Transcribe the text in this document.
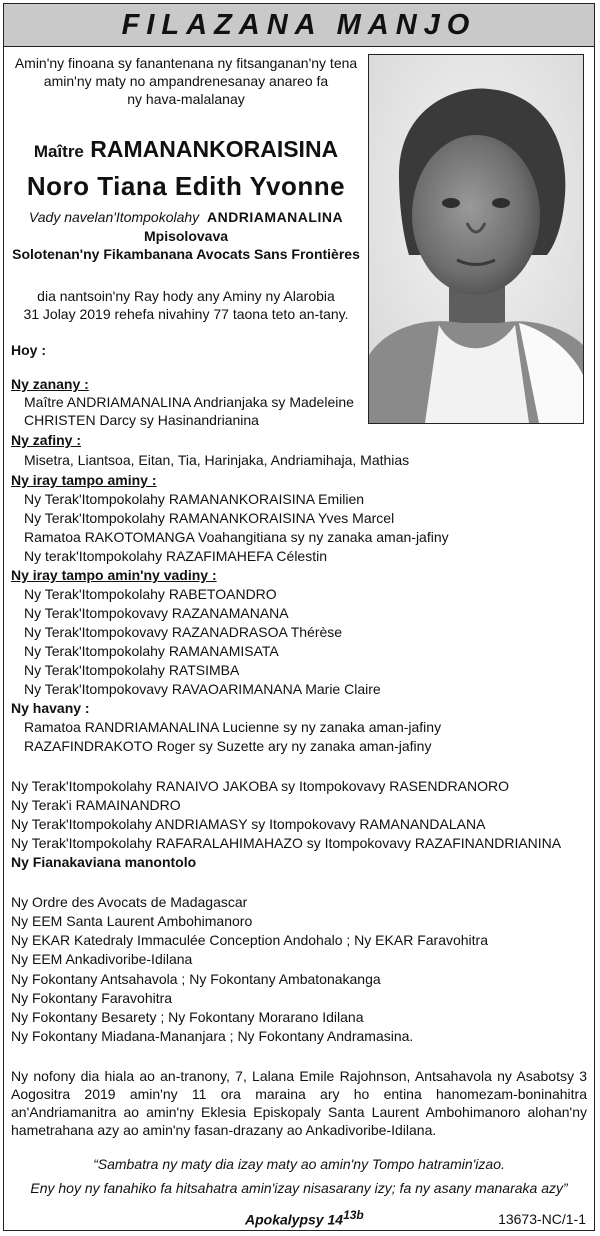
FILAZANA MANJO
Amin'ny finoana sy fanantenana ny fitsanganan'ny tena
amin'ny maty no ampandrenesanay anareo fa
ny hava-malalanay
Maître RAMANANKORAISINA
Noro Tiana Edith Yvonne
Vady navelan'Itompokolahy ANDRIAMANALINA
Mpisolovava
Solotenan'ny Fikambanana Avocats Sans Frontières
dia nantsoin'ny Ray hody any Aminy ny Alarobia
31 Jolay 2019 rehefa nivahiny 77 taona teto an-tany.
Hoy :
Ny zanany :
Maître ANDRIAMANALINA Andrianjaka sy Madeleine
CHRISTEN Darcy sy Hasinandrianina
Ny zafiny :
Misetra, Liantsoa, Eitan, Tia, Harinjaka, Andriamihaja, Mathias
Ny iray tampo aminy :
Ny Terak'Itompokolahy RAMANANKORAISINA Emilien
Ny Terak'Itompokolahy RAMANANKORAISINA Yves Marcel
Ramatoa RAKOTOMANGA Voahangitiana sy ny zanaka aman-jafiny
Ny terak'Itompokolahy RAZAFIMAHEFA Célestin
Ny iray tampo amin'ny vadiny :
Ny Terak'Itompokolahy RABETOANDRO
Ny Terak'Itompokovavy RAZANAMANANA
Ny Terak'Itompokovavy RAZANADRASOA Thérèse
Ny Terak'Itompokolahy RAMANAMISATA
Ny Terak'Itompokolahy RATSIMBA
Ny Terak'Itompokovavy RAVAOARIMANANA Marie Claire
Ny havany :
Ramatoa RANDRIAMANALINA Lucienne sy ny zanaka aman-jafiny
RAZAFINDRAKOTO Roger sy Suzette ary ny zanaka aman-jafiny
Ny Terak'Itompokolahy RANAIVO JAKOBA sy Itompokovavy RASENDRANORO
Ny Terak'i RAMAINANDRO
Ny Terak'Itompokolahy ANDRIAMASY sy Itompokovavy RAMANANDALANA
Ny Terak'Itompokolahy RAFARALAHIMAHAZO sy Itompokovavy RAZAFINANDRIANINA
Ny Fianakaviana manontolo
Ny Ordre des Avocats de Madagascar
Ny EEM Santa Laurent Ambohimanoro
Ny EKAR Katedraly Immaculée Conception Andohalo ; Ny EKAR Faravohitra
Ny EEM Ankadivoribe-Idilana
Ny Fokontany Antsahavola ; Ny Fokontany Ambatonakanga
Ny Fokontany Faravohitra
Ny Fokontany Besarety ; Ny Fokontany Morarano Idilana
Ny Fokontany Miadana-Mananjara ; Ny Fokontany Andramasina.
Ny nofony dia hiala ao an-tranony, 7, Lalana Emile Rajohnson, Antsahavola ny Asabotsy 3 Aogositra 2019 amin'ny 11 ora maraina ary ho entina hanomezam-boninahitra an'Andriamanitra ao amin'ny Eklesia Episkopaly Santa Laurent Ambohimanoro alohan'ny hametrahana azy ao amin'ny fasan-drazany ao Ankadivoribe-Idilana.
“Sambatra ny maty dia izay maty ao amin'ny Tompo hatramin'izao.
Eny hoy ny fanahiko fa hitsahatra amin'izay nisasarany izy; fa ny asany manaraka azy”
Apokalypsy $14^{13b}$	13673-NC/1-1
